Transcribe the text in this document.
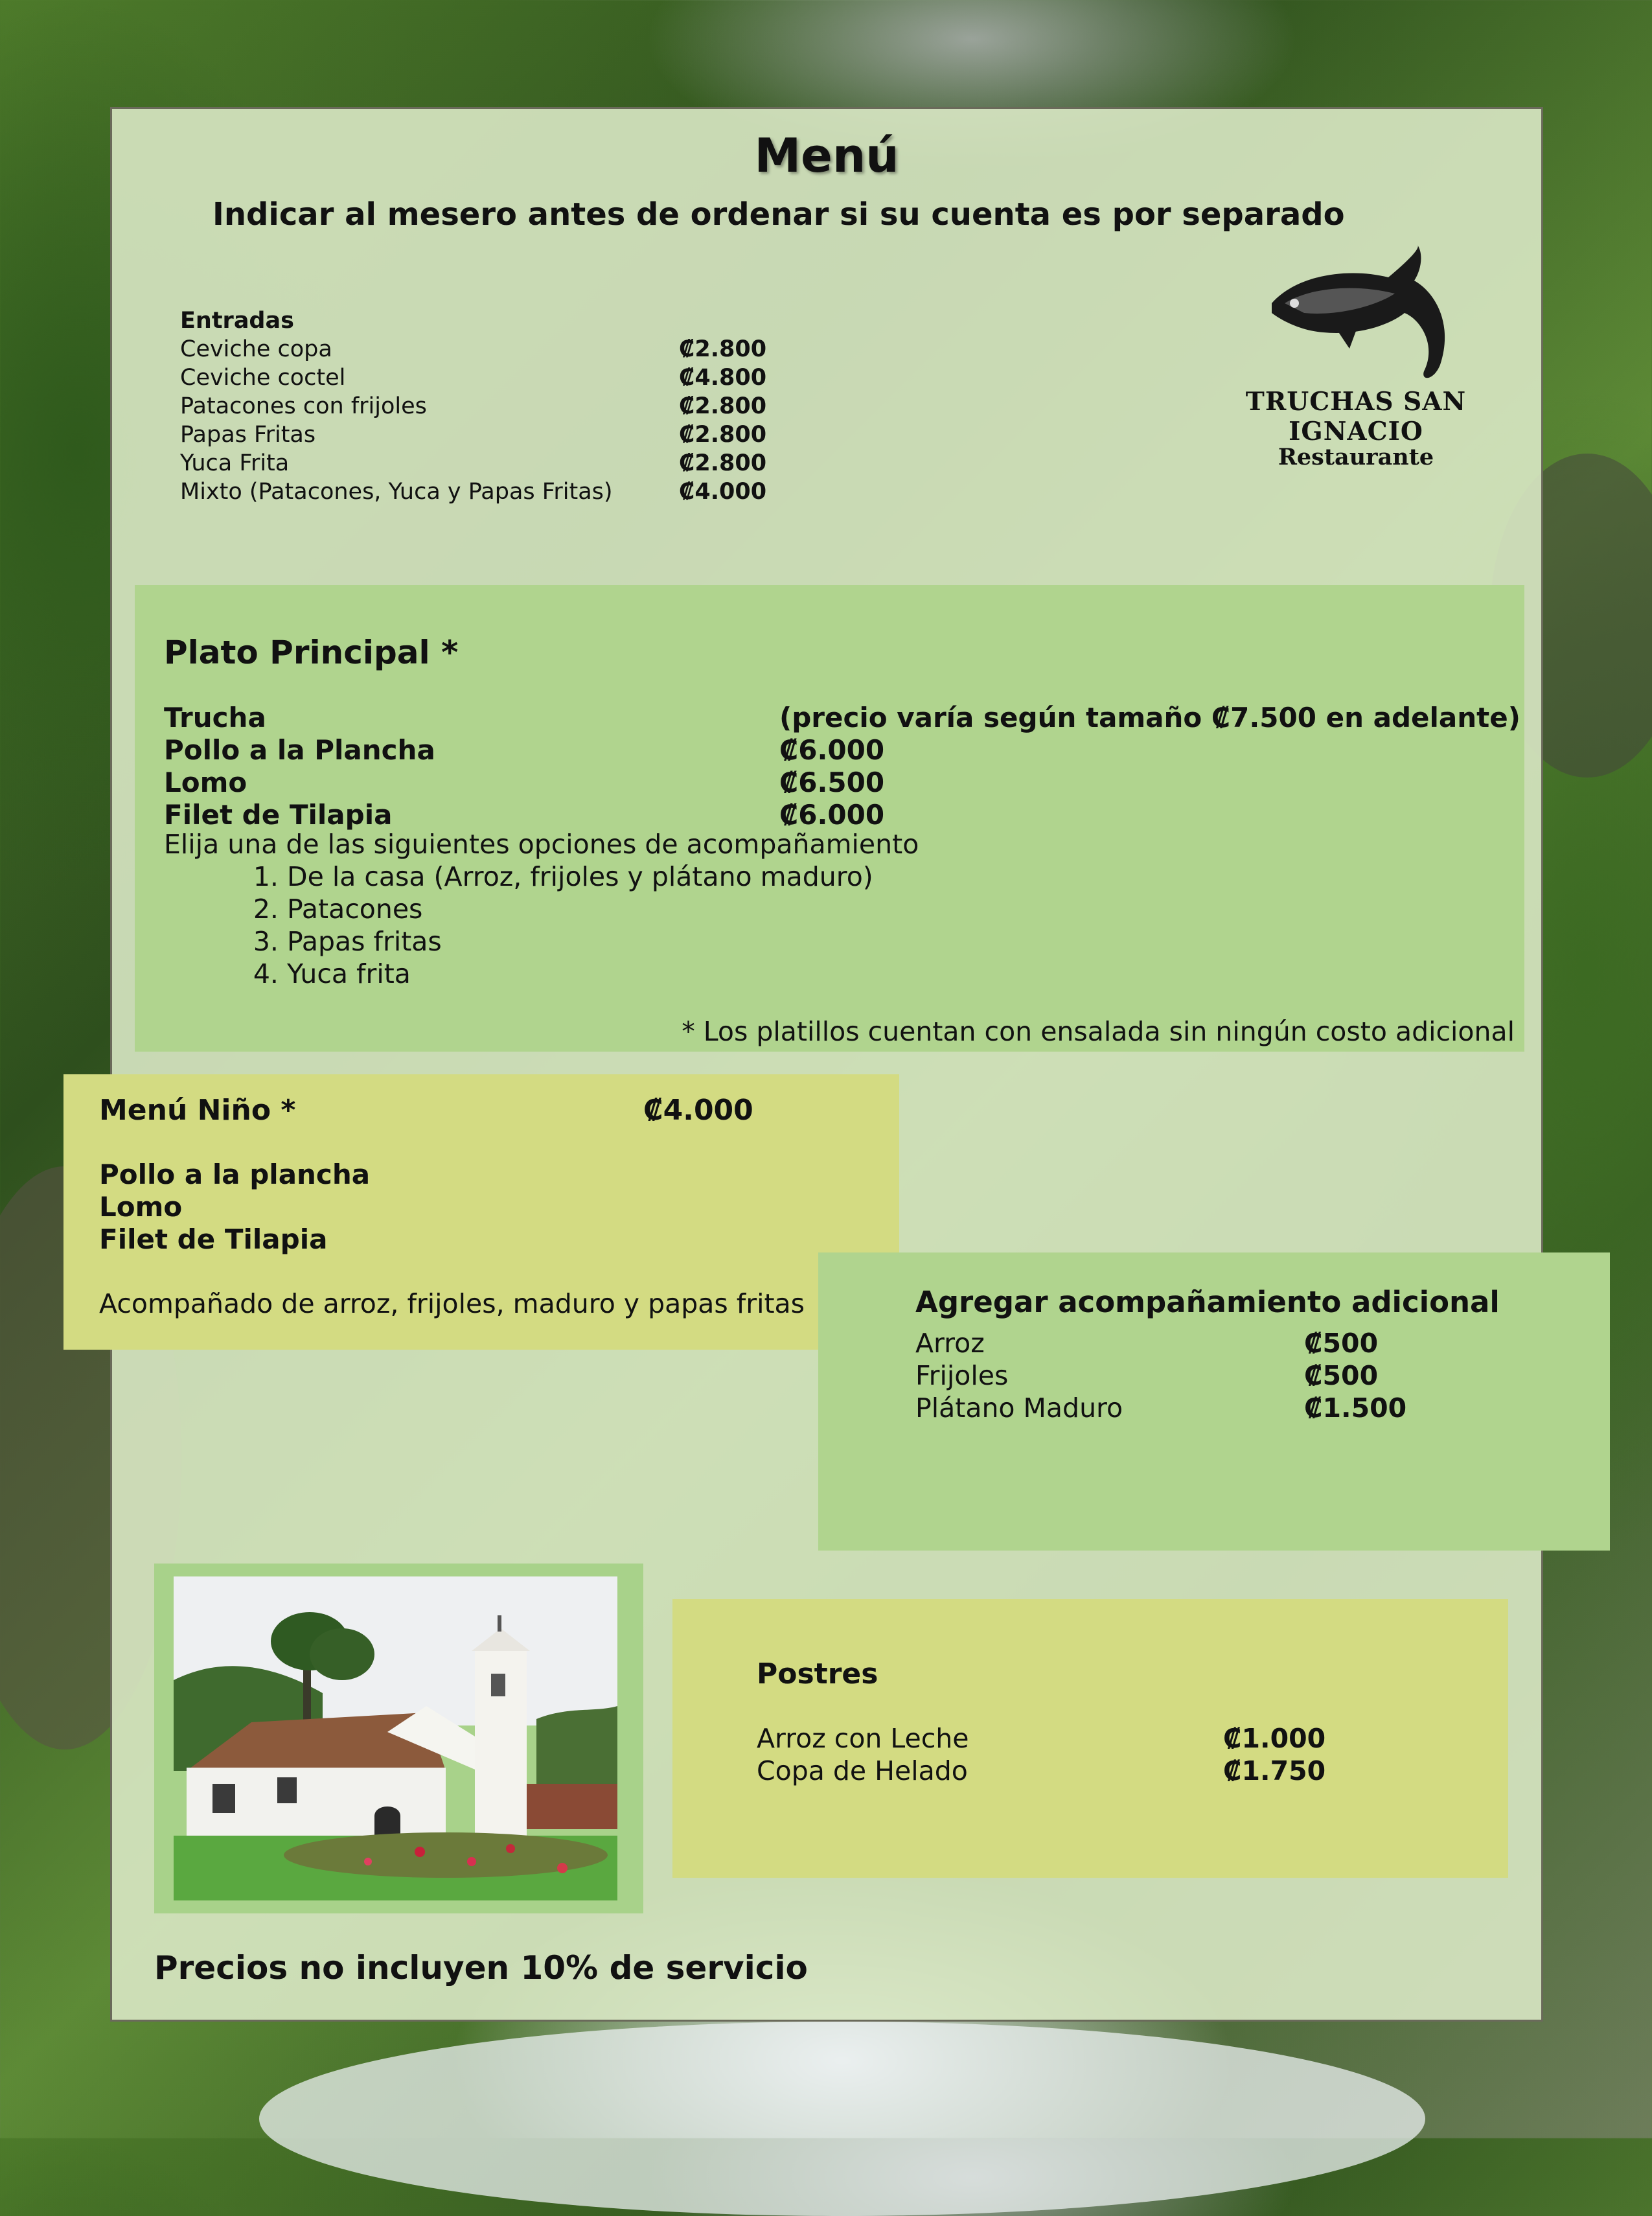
Menú
Indicar al mesero antes de ordenar si su cuenta es por separado
Entradas
Ceviche copa	₡2.800
Ceviche coctel	₡4.800
Patacones con frijoles	₡2.800
Papas Fritas	₡2.800
Yuca Frita	₡2.800
Mixto (Patacones, Yuca y Papas Fritas)	₡4.000
TRUCHAS SAN IGNACIO
Restaurante
Plato Principal *
Trucha	(precio varía según tamaño ₡7.500 en adelante)
Pollo a la Plancha	₡6.000
Lomo	₡6.500
Filet de Tilapia	₡6.000
Elija una de las siguientes opciones de acompañamiento
1. De la casa (Arroz, frijoles y plátano maduro)
2. Patacones
3. Papas fritas
4. Yuca frita
* Los platillos cuentan con ensalada sin ningún costo adicional
Menú Niño *	₡4.000
Pollo a la plancha
Lomo
Filet de Tilapia
Acompañado de arroz, frijoles, maduro y papas fritas	Agregar acompañamiento adicional
Arroz	₡500
Frijoles	₡500
Plátano Maduro	₡1.500
Postres
Arroz con Leche	₡1.000
Copa de Helado	₡1.750
Precios no incluyen 10% de servicio
